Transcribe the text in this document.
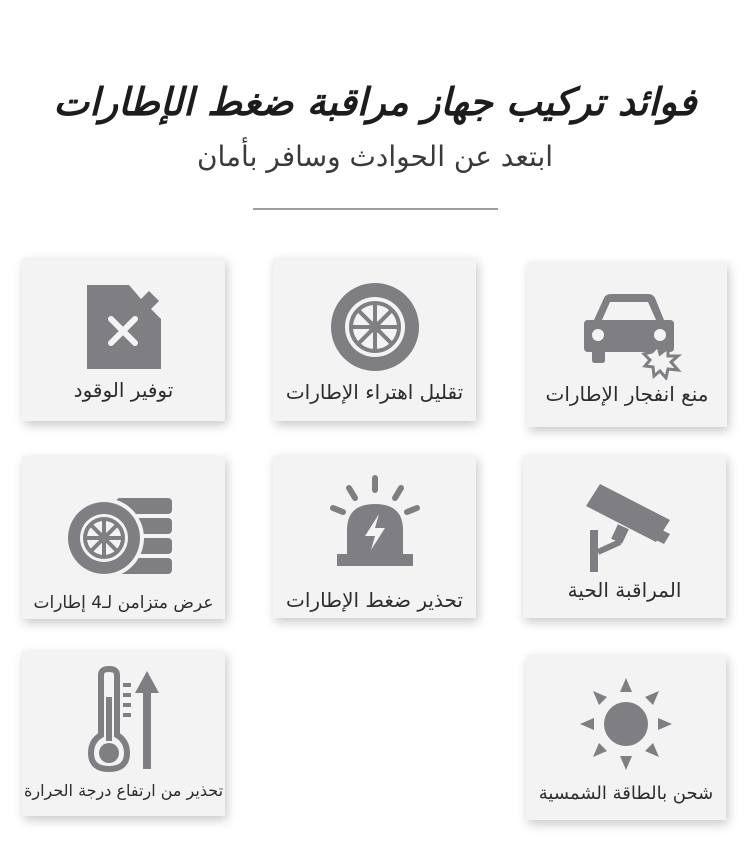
فوائد تركيب جهاز مراقبة ضغط الإطارات
ابتعد عن الحوادث وسافر بأمان
منع انفجار الإطارات
تقليل اهتراء الإطارات
توفير الوقود
المراقبة الحية
تحذير ضغط الإطارات
عرض متزامن لـ4 إطارات
شحن بالطاقة الشمسية
تحذير من ارتفاع درجة الحرارة
